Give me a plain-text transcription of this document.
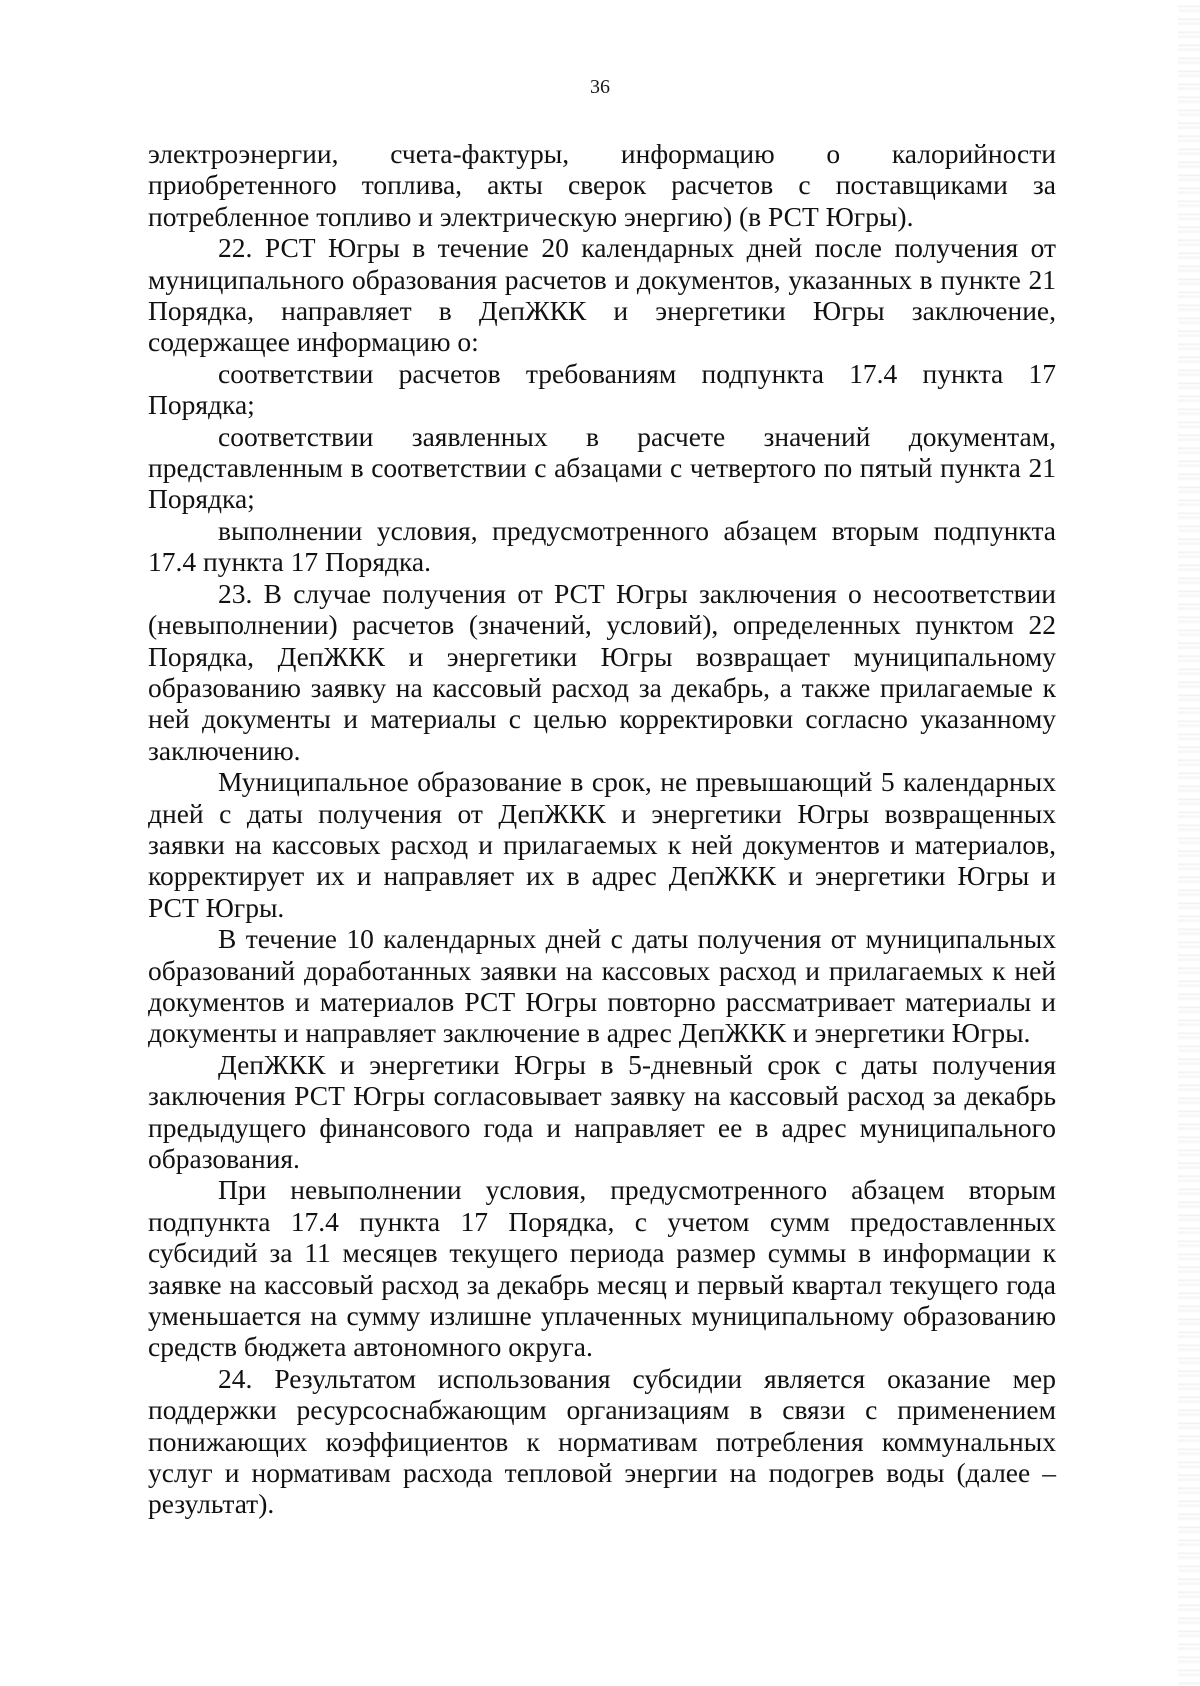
36

электроэнергии, счета-фактуры, информацию о калорийности приобретенного топлива, акты сверок расчетов с поставщиками за потребленное топливо и электрическую энергию) (в РСТ Югры).

22. РСТ Югры в течение 20 календарных дней после получения от муниципального образования расчетов и документов, указанных в пункте 21 Порядка, направляет в ДепЖКК и энергетики Югры заключение, содержащее информацию о:

соответствии расчетов требованиям подпункта 17.4 пункта 17 Порядка;

соответствии заявленных в расчете значений документам, представленным в соответствии с абзацами с четвертого по пятый пункта 21 Порядка;

выполнении условия, предусмотренного абзацем вторым подпункта 17.4 пункта 17 Порядка.

23. В случае получения от РСТ Югры заключения о несоответствии (невыполнении) расчетов (значений, условий), определенных пунктом 22 Порядка, ДепЖКК и энергетики Югры возвращает муниципальному образованию заявку на кассовый расход за декабрь, а также прилагаемые к ней документы и материалы с целью корректировки согласно указанному заключению.

Муниципальное образование в срок, не превышающий 5 календарных дней с даты получения от ДепЖКК и энергетики Югры возвращенных заявки на кассовых расход и прилагаемых к ней документов и материалов, корректирует их и направляет их в адрес ДепЖКК и энергетики Югры и РСТ Югры.

В течение 10 календарных дней с даты получения от муниципальных образований доработанных заявки на кассовых расход и прилагаемых к ней документов и материалов РСТ Югры повторно рассматривает материалы и документы и направляет заключение в адрес ДепЖКК и энергетики Югры.

ДепЖКК и энергетики Югры в 5-дневный срок с даты получения заключения РСТ Югры согласовывает заявку на кассовый расход за декабрь предыдущего финансового года и направляет ее в адрес муниципального образования.

При невыполнении условия, предусмотренного абзацем вторым подпункта 17.4 пункта 17 Порядка, с учетом сумм предоставленных субсидий за 11 месяцев текущего периода размер суммы в информации к заявке на кассовый расход за декабрь месяц и первый квартал текущего года уменьшается на сумму излишне уплаченных муниципальному образованию средств бюджета автономного округа.

24. Результатом использования субсидии является оказание мер поддержки ресурсоснабжающим организациям в связи с применением понижающих коэффициентов к нормативам потребления коммунальных услуг и нормативам расхода тепловой энергии на подогрев воды (далее – результат).
